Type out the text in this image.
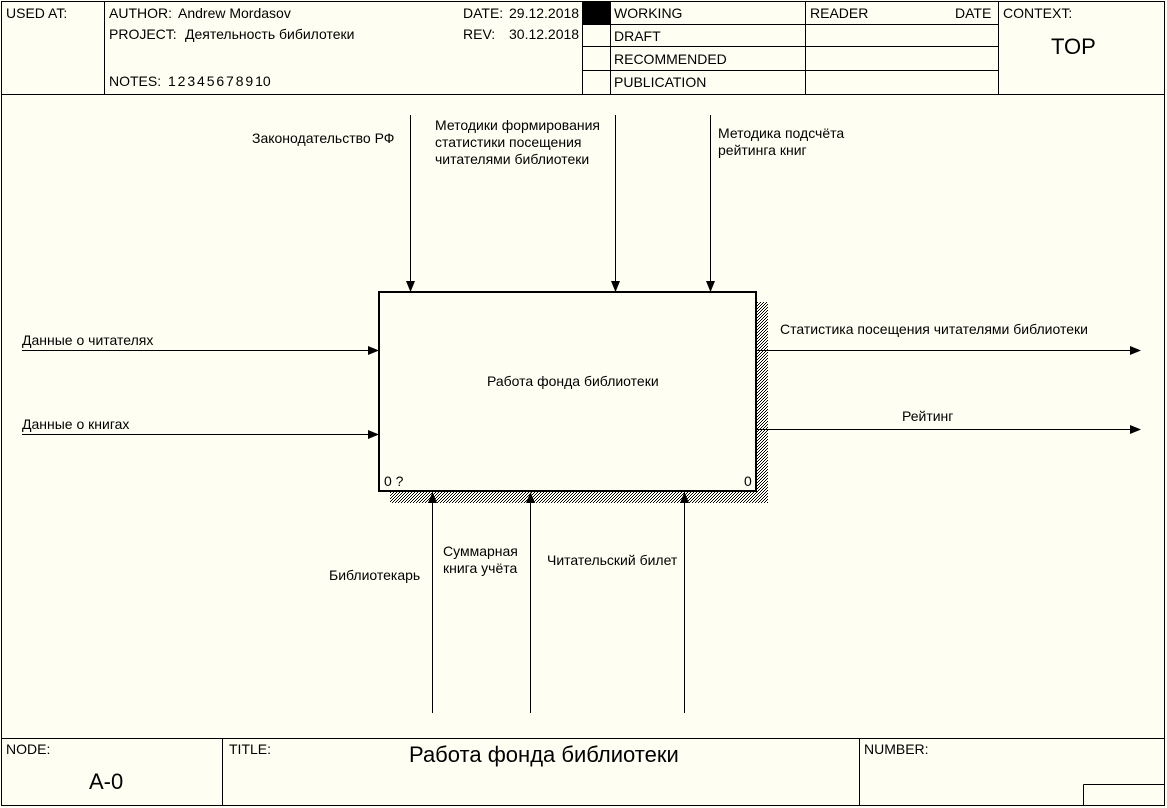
USED AT:	AUTHOR: Andrew Mordasov
PROJECT: Деятельность бибилотеки
NOTES: 1 2 3 4 5 6 7 8 9 10
DATE: 29.12.2018
REV: 30.12.2018
WORKING
DRAFT
RECOMMENDED
PUBLICATION
READER	DATE CONTEXT:
TOP
Работа фонда библиотеки
0 ?	0
Законодательство РФ
Методики формирования
статистики посещения
читателями библиотеки
Методика подсчёта
рейтинга книг
Данные о читателях
Данные о книгах
Статистика посещения читателями библиотеки
Рейтинг
Библиотекарь
Суммарная
книга учёта Читательский билет
NODE:
A-0
TITLE:	Работа фонда библиотеки	NUMBER:
